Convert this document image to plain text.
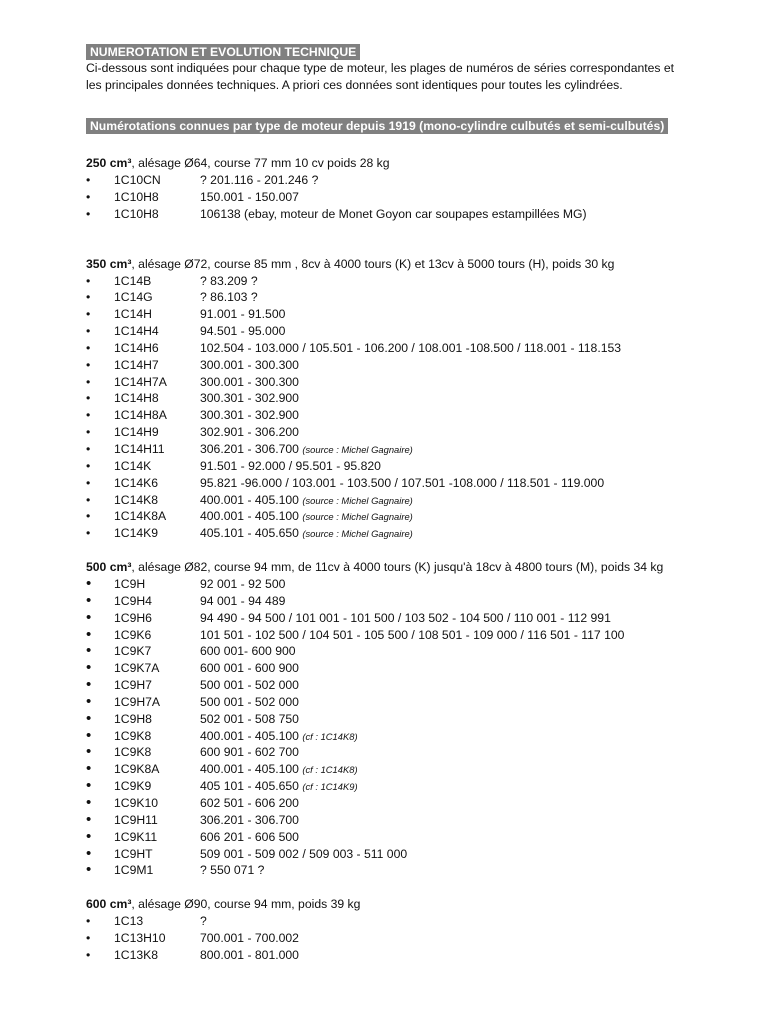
NUMEROTATION ET EVOLUTION TECHNIQUE

Ci-dessous sont indiquées pour chaque type de moteur, les plages de numéros de séries correspondantes et

les principales données techniques. A priori ces données sont identiques pour toutes les cylindrées.

Numérotations connues par type de moteur depuis 1919 (mono-cylindre culbutés et semi-culbutés)

250 cm³, alésage Ø64, course 77 mm 10 cv poids 28 kg

•	1C10CN	? 201.116 - 201.246 ?
•	1C10H8	150.001 - 150.007
•	1C10H8	106138 (ebay, moteur de Monet Goyon car soupapes estampillées MG)

350 cm³, alésage Ø72, course 85 mm , 8cv à 4000 tours (K) et 13cv à 5000 tours (H), poids 30 kg

•	1C14B	? 83.209 ?
•	1C14G	? 86.103 ?
•	1C14H	91.001 - 91.500
•	1C14H4	94.501 - 95.000
•	1C14H6	102.504 - 103.000 / 105.501 - 106.200 / 108.001 -108.500 / 118.001 - 118.153
•	1C14H7	300.001 - 300.300
•	1C14H7A	300.001 - 300.300
•	1C14H8	300.301 - 302.900
•	1C14H8A	300.301 - 302.900
•	1C14H9	302.901 - 306.200
•	1C14H11	306.201 - 306.700 (source : Michel Gagnaire)
•	1C14K	91.501 - 92.000 / 95.501 - 95.820
•	1C14K6	95.821 -96.000 / 103.001 - 103.500 / 107.501 -108.000 / 118.501 - 119.000
•	1C14K8	400.001 - 405.100 (source : Michel Gagnaire)
•	1C14K8A	400.001 - 405.100 (source : Michel Gagnaire)
•	1C14K9	405.101 - 405.650 (source : Michel Gagnaire)

500 cm³, alésage Ø82, course 94 mm, de 11cv à 4000 tours (K) jusqu'à 18cv à 4800 tours (M), poids 34 kg

•	1C9H	92 001 - 92 500
•	1C9H4	94 001 - 94 489
•	1C9H6	94 490 - 94 500 / 101 001 - 101 500 / 103 502 - 104 500 / 110 001 - 112 991
•	1C9K6	101 501 - 102 500 / 104 501 - 105 500 / 108 501 - 109 000 / 116 501 - 117 100
•	1C9K7	600 001- 600 900
•	1C9K7A	600 001 - 600 900
•	1C9H7	500 001 - 502 000
•	1C9H7A	500 001 - 502 000
•	1C9H8	502 001 - 508 750
•	1C9K8	400.001 - 405.100 (cf : 1C14K8)
•	1C9K8	600 901 - 602 700
•	1C9K8A	400.001 - 405.100 (cf : 1C14K8)
•	1C9K9	405 101 - 405.650 (cf : 1C14K9)
•	1C9K10	602 501 - 606 200
•	1C9H11	306.201 - 306.700
•	1C9K11	606 201 - 606 500
•	1C9HT	509 001 - 509 002 / 509 003 - 511 000
•	1C9M1	? 550 071 ?

600 cm³, alésage Ø90, course 94 mm, poids 39 kg

•	1C13	?
•	1C13H10	700.001 - 700.002
•	1C13K8	800.001 - 801.000
